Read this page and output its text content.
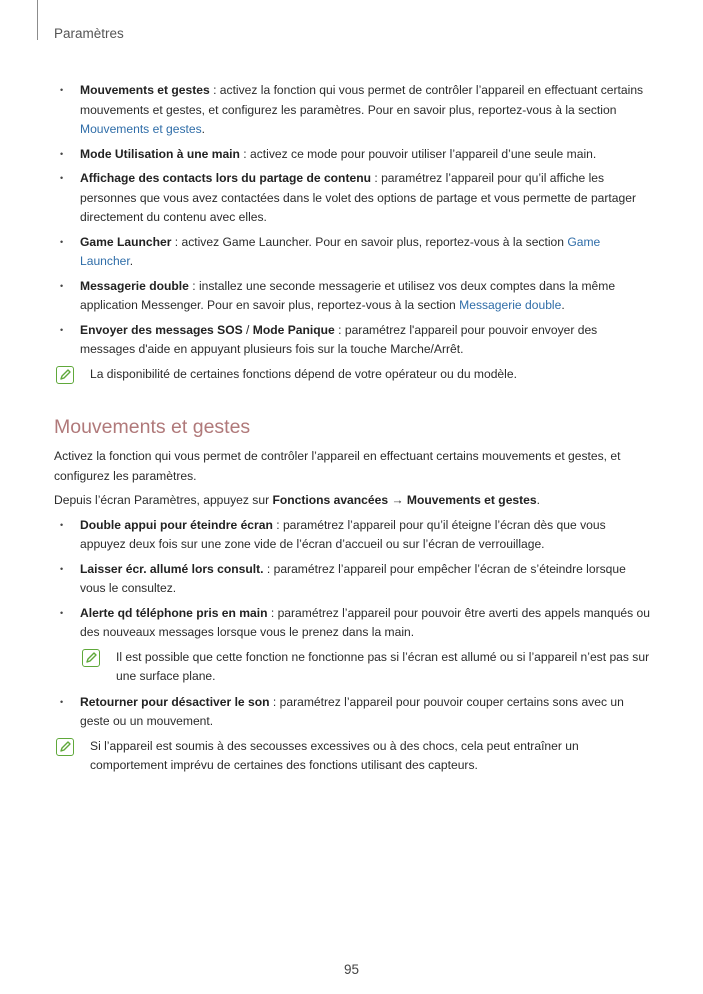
Paramètres
• Mouvements et gestes : activez la fonction qui vous permet de contrôler l’appareil en effectuant certains mouvements et gestes, et configurez les paramètres. Pour en savoir plus, reportez-vous à la section Mouvements et gestes.
• Mode Utilisation à une main : activez ce mode pour pouvoir utiliser l’appareil d’une seule main.
• Affichage des contacts lors du partage de contenu : paramétrez l’appareil pour qu’il affiche les personnes que vous avez contactées dans le volet des options de partage et vous permette de partager directement du contenu avec elles.
• Game Launcher : activez Game Launcher. Pour en savoir plus, reportez-vous à la section Game Launcher.
• Messagerie double : installez une seconde messagerie et utilisez vos deux comptes dans la même application Messenger. Pour en savoir plus, reportez-vous à la section Messagerie double.
• Envoyer des messages SOS / Mode Panique : paramétrez l'appareil pour pouvoir envoyer des messages d'aide en appuyant plusieurs fois sur la touche Marche/Arrêt.
La disponibilité de certaines fonctions dépend de votre opérateur ou du modèle.
Mouvements et gestes

Activez la fonction qui vous permet de contrôler l’appareil en effectuant certains mouvements et gestes, et configurez les paramètres.

Depuis l’écran Paramètres, appuyez sur Fonctions avancées → Mouvements et gestes.

• Double appui pour éteindre écran : paramétrez l’appareil pour qu’il éteigne l’écran dès que vous appuyez deux fois sur une zone vide de l’écran d’accueil ou sur l’écran de verrouillage.
• Laisser écr. allumé lors consult. : paramétrez l’appareil pour empêcher l’écran de s’éteindre lorsque vous le consultez.
• Alerte qd téléphone pris en main : paramétrez l’appareil pour pouvoir être averti des appels manqués ou des nouveaux messages lorsque vous le prenez dans la main.
Il est possible que cette fonction ne fonctionne pas si l’écran est allumé ou si l’appareil n’est pas sur une surface plane.
• Retourner pour désactiver le son : paramétrez l’appareil pour pouvoir couper certains sons avec un geste ou un mouvement.
Si l’appareil est soumis à des secousses excessives ou à des chocs, cela peut entraîner un comportement imprévu de certaines des fonctions utilisant des capteurs.
95
